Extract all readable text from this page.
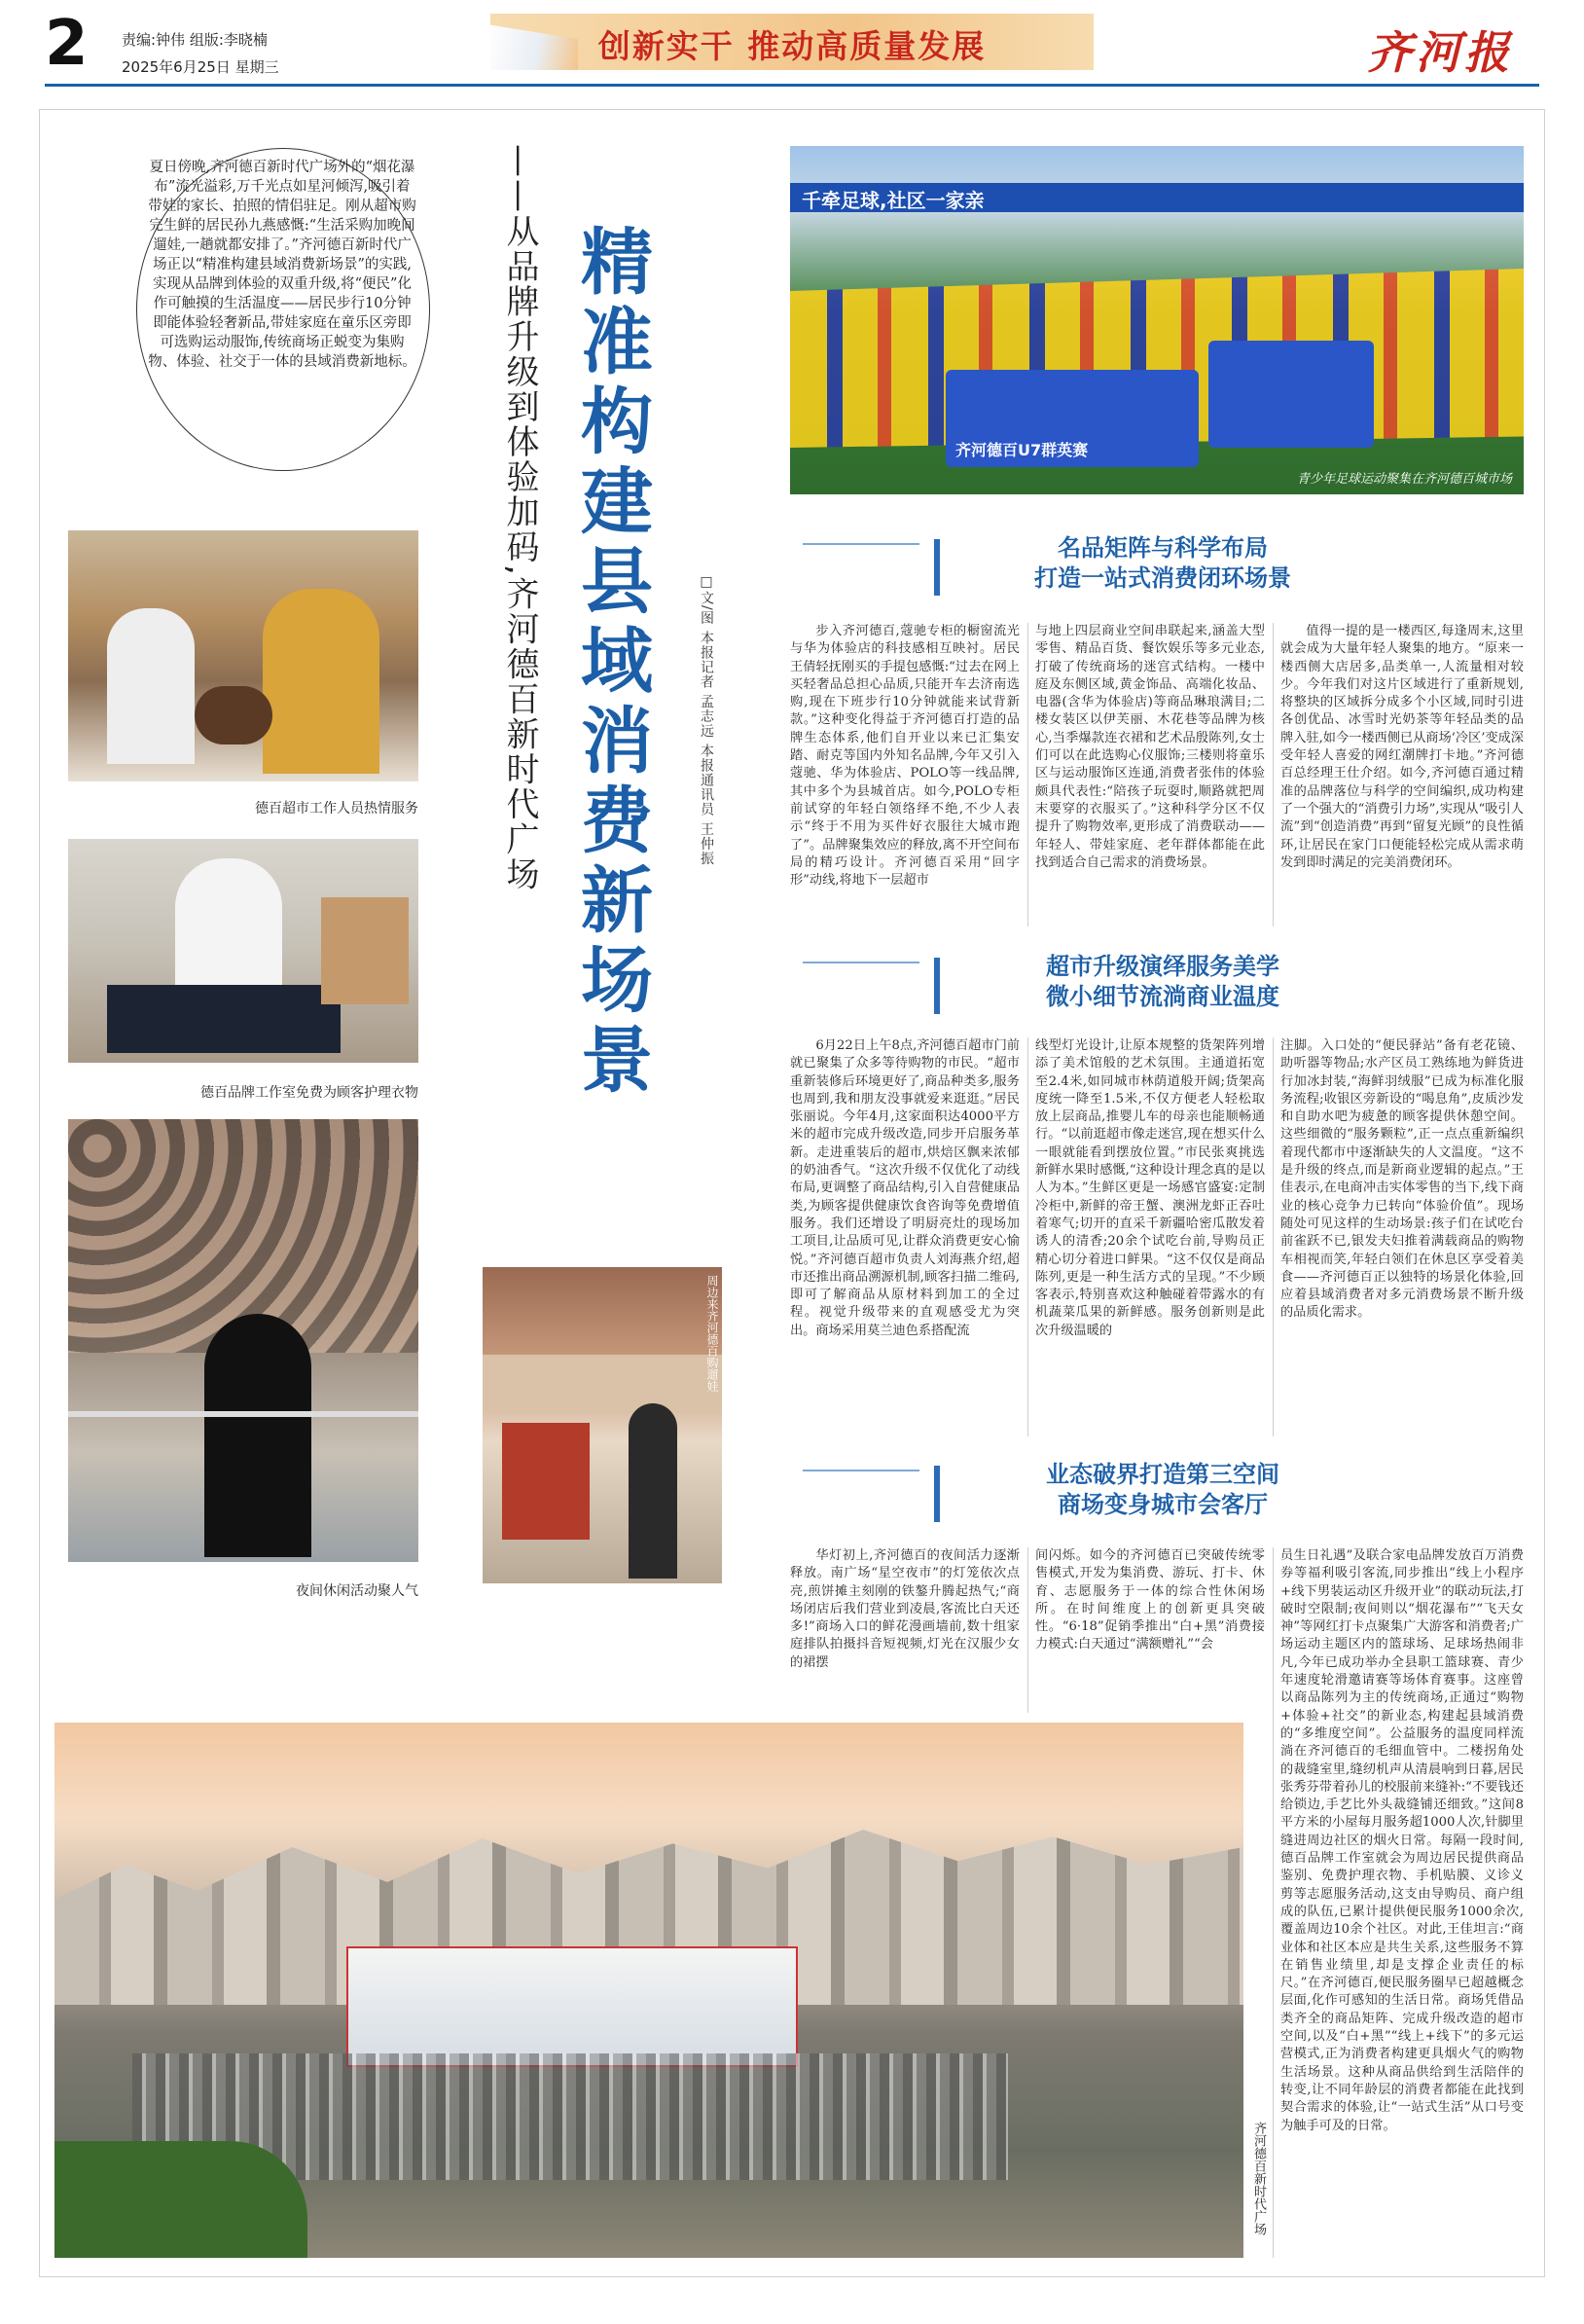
2 责编:钟伟 组版:李晓楠
2025年6月25日 星期三
创新实干 推动高质量发展	齐河报
夏日傍晚,齐河德百新时代广场外的“烟花瀑布”流光溢彩,万千光点如星河倾泻,吸引着带娃的家长、拍照的情侣驻足。刚从超市购完生鲜的居民孙九燕感慨:“生活采购加晚间遛娃,一趟就都安排了。”齐河德百新时代广场正以“精准构建县域消费新场景”的实践,实现从品牌到体验的双重升级,将“便民”化作可触摸的生活温度——居民步行10分钟即能体验轻奢新品,带娃家庭在童乐区旁即可选购运动服饰,传统商场正蜕变为集购物、体验、社交于一体的县域消费新地标。
德百超市工作人员热情服务
德百品牌工作室免费为顾客护理衣物
夜间休闲活动聚人气
——从品牌升级到体验加码,齐河德百新时代广场 精准构建县域消费新场景	□文/图 本报记者 孟志远 本报通讯员 王仲振
周边来齐河德百购遛娃
千牵足球,社区一家亲
齐河德百U7群英赛
青少年足球运动聚集在齐河德百城市场
名品矩阵与科学布局
打造一站式消费闭环场景

步入齐河德百,蔻驰专柜的橱窗流光与华为体验店的科技感相互映衬。居民王倩轻抚刚买的手提包感慨:“过去在网上买轻奢品总担心品质,只能开车去济南选购,现在下班步行10分钟就能来试背新款。”这种变化得益于齐河德百打造的品牌生态体系,他们自开业以来已汇集安踏、耐克等国内外知名品牌,今年又引入蔻驰、华为体验店、POLO等一线品牌,其中多个为县城首店。如今,POLO专柜前试穿的年轻白领络绎不绝,不少人表示“终于不用为买件好衣服往大城市跑了”。品牌聚集效应的释放,离不开空间布局的精巧设计。齐河德百采用“回字形”动线,将地下一层超市

与地上四层商业空间串联起来,涵盖大型零售、精品百货、餐饮娱乐等多元业态,打破了传统商场的迷宫式结构。一楼中庭及东侧区域,黄金饰品、高端化妆品、电器(含华为体验店)等商品琳琅满目;二楼女装区以伊芙丽、木花巷等品牌为核心,当季爆款连衣裙和艺术品殷陈列,女士们可以在此选购心仪服饰;三楼则将童乐区与运动服饰区连通,消费者张伟的体验颇具代表性:“陪孩子玩耍时,顺路就把周末要穿的衣服买了。”这种科学分区不仅提升了购物效率,更形成了消费联动——年轻人、带娃家庭、老年群体都能在此找到适合自己需求的消费场景。

值得一提的是一楼西区,每逢周末,这里就会成为大量年轻人聚集的地方。“原来一楼西侧大店居多,品类单一,人流量相对较少。今年我们对这片区域进行了重新规划,将整块的区域拆分成多个小区域,同时引进各创优品、冰雪时光奶茶等年轻品类的品牌入驻,如今一楼西侧已从商场‘冷区’变成深受年轻人喜爱的网红潮牌打卡地。”齐河德百总经理王仕介绍。如今,齐河德百通过精准的品牌落位与科学的空间编织,成功构建了一个强大的“消费引力场”,实现从“吸引人流”到“创造消费”再到“留复光顾”的良性循环,让居民在家门口便能轻松完成从需求萌发到即时满足的完美消费闭环。

超市升级演绎服务美学
微小细节流淌商业温度

6月22日上午8点,齐河德百超市门前就已聚集了众多等待购物的市民。“超市重新装修后环境更好了,商品种类多,服务也周到,我和朋友没事就爱来逛逛。”居民张丽说。今年4月,这家面积达4000平方米的超市完成升级改造,同步开启服务革新。走进重装后的超市,烘焙区飘来浓郁的奶油香气。“这次升级不仅优化了动线布局,更调整了商品结构,引入自营健康品类,为顾客提供健康饮食咨询等免费增值服务。我们还增设了明厨亮灶的现场加工项目,让品质可见,让群众消费更安心愉悦。”齐河德百超市负责人刘海燕介绍,超市还推出商品溯源机制,顾客扫描二维码,即可了解商品从原材料到加工的全过程。视觉升级带来的直观感受尤为突出。商场采用莫兰迪色系搭配流

线型灯光设计,让原本规整的货架阵列增添了美术馆般的艺术氛围。主通道拓宽至2.4米,如同城市林荫道般开阔;货架高度统一降至1.5米,不仅方便老人轻松取放上层商品,推婴儿车的母亲也能顺畅通行。“以前逛超市像走迷宫,现在想买什么一眼就能看到摆放位置。”市民张爽挑选新鲜水果时感慨,“这种设计理念真的是以人为本。”生鲜区更是一场感官盛宴:定制冷柜中,新鲜的帝王蟹、澳洲龙虾正吞吐着寒气;切开的直采千新疆哈密瓜散发着诱人的清香;20余个试吃台前,导购员正精心切分着进口鲜果。“这不仅仅是商品陈列,更是一种生活方式的呈现。”不少顾客表示,特别喜欢这种触碰着带露水的有机蔬菜瓜果的新鲜感。服务创新则是此次升级温暖的

注脚。入口处的“便民驿站”备有老花镜、助听器等物品;水产区员工熟练地为鲜货进行加冰封装,“海鲜羽绒服”已成为标准化服务流程;收银区旁新设的“喝息角”,皮质沙发和自助水吧为疲惫的顾客提供休憩空间。这些细微的“服务颗粒”,正一点点重新编织着现代都市中逐渐缺失的人文温度。“这不是升级的终点,而是新商业逻辑的起点。”王佳表示,在电商冲击实体零售的当下,线下商业的核心竞争力已转向“体验价值”。现场随处可见这样的生动场景:孩子们在试吃台前雀跃不已,银发夫妇推着满载商品的购物车相视而笑,年轻白领们在休息区享受着美食——齐河德百正以独特的场景化体验,回应着县域消费者对多元消费场景不断升级的品质化需求。

业态破界打造第三空间
商场变身城市会客厅

华灯初上,齐河德百的夜间活力逐渐释放。南广场“星空夜市”的灯笼依次点亮,煎饼摊主刻刚的铁鏊升腾起热气;“商场闭店后我们营业到凌晨,客流比白天还多!”商场入口的鲜花漫画墙前,数十组家庭排队拍摄抖音短视频,灯光在汉服少女的裙摆

间闪烁。如今的齐河德百已突破传统零售模式,开发为集消费、游玩、打卡、休育、志愿服务于一体的综合性休闲场所。在时间维度上的创新更具突破性。“6·18”促销季推出“白+黑”消费接力模式:白天通过“满额赠礼”“会

员生日礼遇”及联合家电品牌发放百万消费券等福利吸引客流,同步推出“线上小程序+线下男装运动区升级开业”的联动玩法,打破时空限制;夜间则以“烟花瀑布”“飞天女神”等网红打卡点聚集广大游客和消费者;广场运动主题区内的篮球场、足球场热闹非凡,今年已成功举办全县职工篮球赛、青少年速度轮滑邀请赛等场体育赛事。这座曾以商品陈列为主的传统商场,正通过“购物+体验+社交”的新业态,构建起县域消费的“多维度空间”。公益服务的温度同样流淌在齐河德百的毛细血管中。二楼拐角处的裁缝室里,缝纫机声从清晨响到日暮,居民张秀芬带着孙儿的校服前来缝补:“不要钱还给锁边,手艺比外头裁缝铺还细致。”这间8平方米的小屋每月服务超1000人次,针脚里缝进周边社区的烟火日常。每隔一段时间,德百品牌工作室就会为周边居民提供商品鉴别、免费护理衣物、手机贴膜、义诊义剪等志愿服务活动,这支由导购员、商户组成的队伍,已累计提供便民服务1000余次,覆盖周边10余个社区。对此,王佳坦言:“商业体和社区本应是共生关系,这些服务不算在销售业绩里,却是支撑企业责任的标尺。”在齐河德百,便民服务圈早已超越概念层面,化作可感知的生活日常。商场凭借品类齐全的商品矩阵、完成升级改造的超市空间,以及“白+黑”“线上+线下”的多元运营模式,正为消费者构建更具烟火气的购物生活场景。这种从商品供给到生活陪伴的转变,让不同年龄层的消费者都能在此找到契合需求的体验,让“一站式生活”从口号变为触手可及的日常。

齐河德百新时代广场
